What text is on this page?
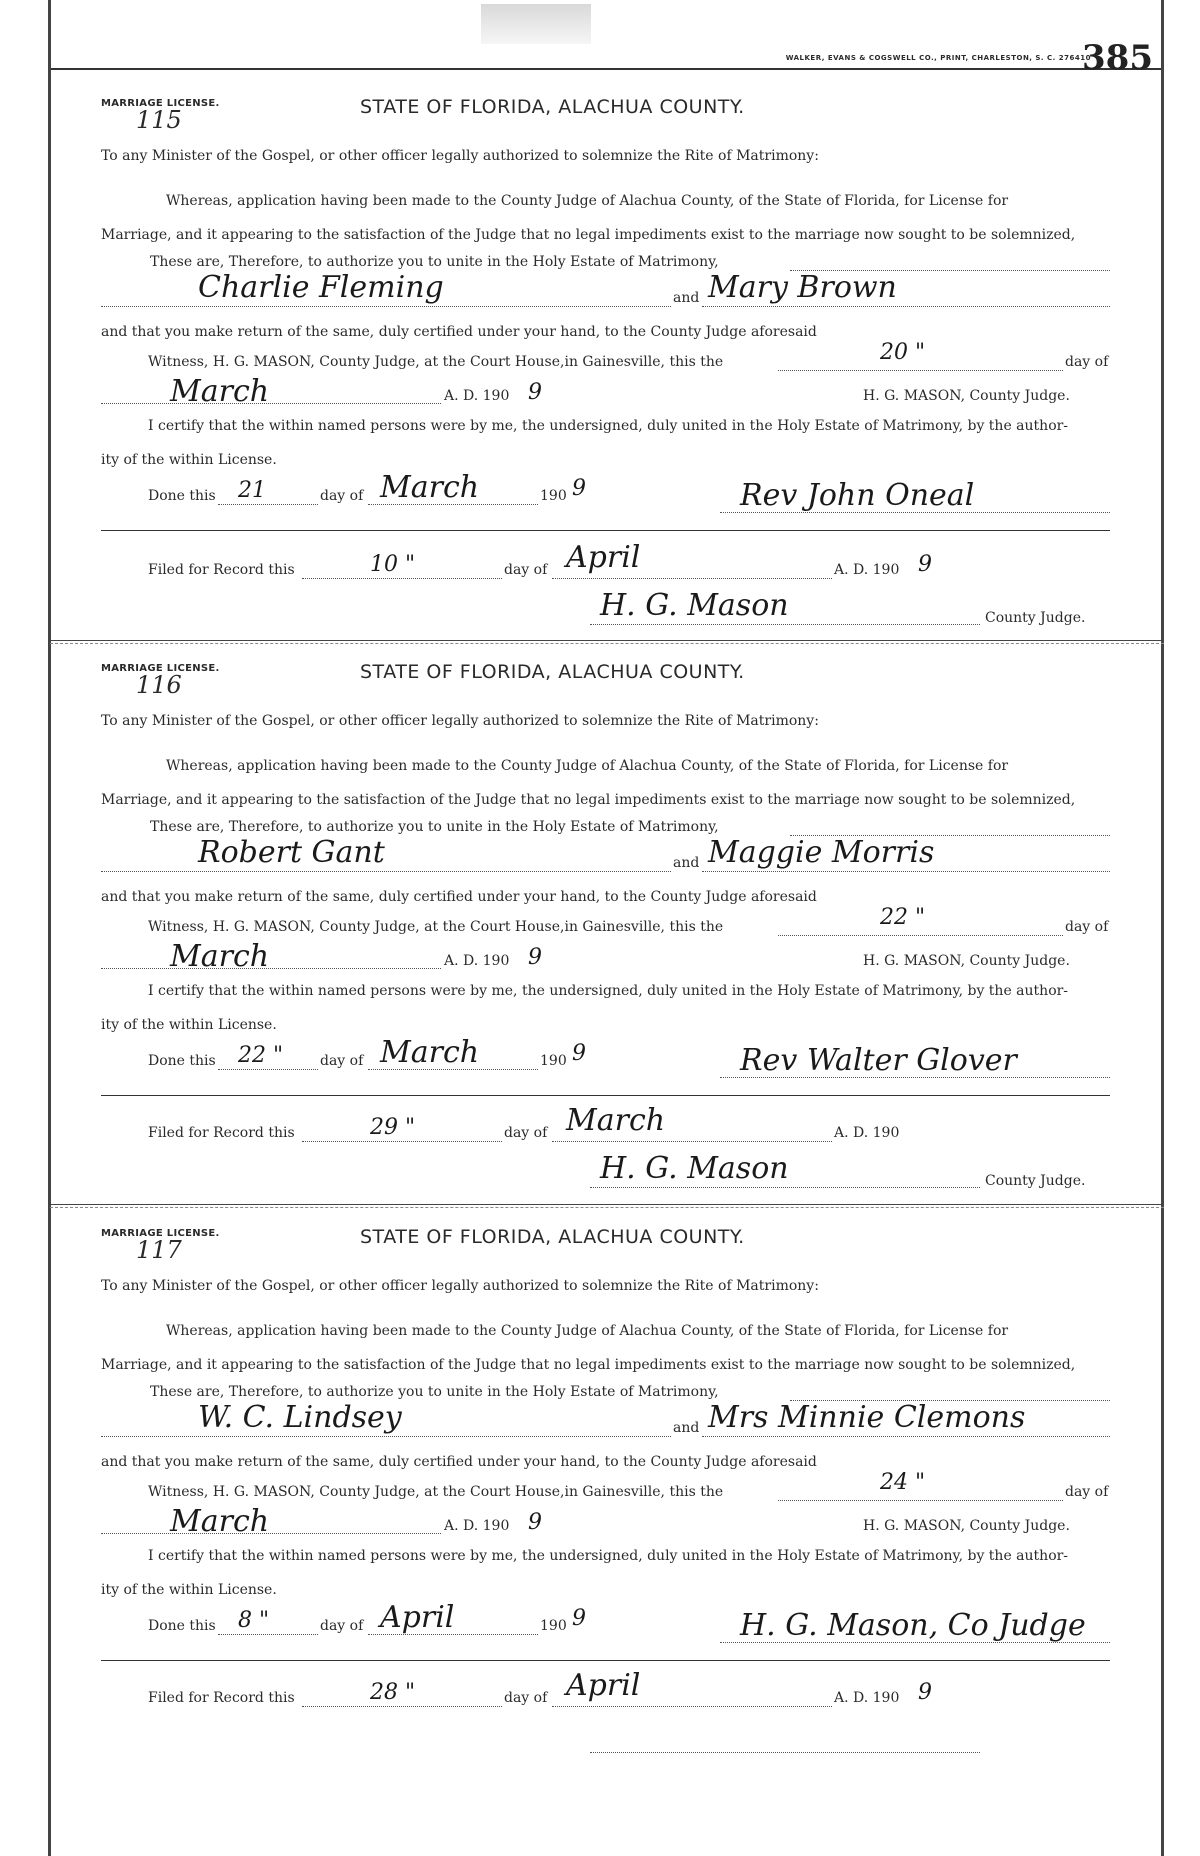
WALKER, EVANS & COGSWELL CO., PRINT, CHARLESTON, S. C. 276410
385
MARRIAGE LICENSE.
115	STATE OF FLORIDA, ALACHUA COUNTY.
To any Minister of the Gospel, or other officer legally authorized to solemnize the Rite of Matrimony:
Whereas, application having been made to the County Judge of Alachua County, of the State of Florida, for License for
Marriage, and it appearing to the satisfaction of the Judge that no legal impediments exist to the marriage now sought to be solemnized,
These are, Therefore, to authorize you to unite in the Holy Estate of Matrimony,
Charlie Fleming	and Mary Brown
and that you make return of the same, duly certified under your hand, to the County Judge aforesaid
Witness, H. G. MASON, County Judge, at the Court House,in Gainesville, this the	20 "	day of
March	A. D. 190 9	H. G. MASON, County Judge.
I certify that the within named persons were by me, the undersigned, duly united in the Holy Estate of Matrimony, by the author-
ity of the within License.
Done this 21	day of March	190 9	Rev John Oneal
MARRIAGE LICENSE.
116	STATE OF FLORIDA, ALACHUA COUNTY.
To any Minister of the Gospel, or other officer legally authorized to solemnize the Rite of Matrimony:
Whereas, application having been made to the County Judge of Alachua County, of the State of Florida, for License for
Marriage, and it appearing to the satisfaction of the Judge that no legal impediments exist to the marriage now sought to be solemnized,
These are, Therefore, to authorize you to unite in the Holy Estate of Matrimony,
Robert Gant	and Maggie Morris
and that you make return of the same, duly certified under your hand, to the County Judge aforesaid
Witness, H. G. MASON, County Judge, at the Court House,in Gainesville, this the	22 "	day of
March	A. D. 190 9	H. G. MASON, County Judge.
I certify that the within named persons were by me, the undersigned, duly united in the Holy Estate of Matrimony, by the author-
ity of the within License.
Done this 22 "	day of March	190 9	Rev Walter Glover
MARRIAGE LICENSE.
117	STATE OF FLORIDA, ALACHUA COUNTY.
To any Minister of the Gospel, or other officer legally authorized to solemnize the Rite of Matrimony:
Whereas, application having been made to the County Judge of Alachua County, of the State of Florida, for License for
Marriage, and it appearing to the satisfaction of the Judge that no legal impediments exist to the marriage now sought to be solemnized,
These are, Therefore, to authorize you to unite in the Holy Estate of Matrimony,
W. C. Lindsey	and Mrs Minnie Clemons
and that you make return of the same, duly certified under your hand, to the County Judge aforesaid
Witness, H. G. MASON, County Judge, at the Court House,in Gainesville, this the	24 "	day of
March	A. D. 190 9	H. G. MASON, County Judge.
I certify that the within named persons were by me, the undersigned, duly united in the Holy Estate of Matrimony, by the author-
ity of the within License.
Done this 8 "	day of April	190 9	H. G. Mason, Co Judge
Filed for Record this	10 "	day of April	A. D. 190 9
H. G. Mason	County Judge.
Filed for Record this	29 "	day of March	A. D. 190
H. G. Mason	County Judge.
Filed for Record this	28 "	day of April	A. D. 190 9
